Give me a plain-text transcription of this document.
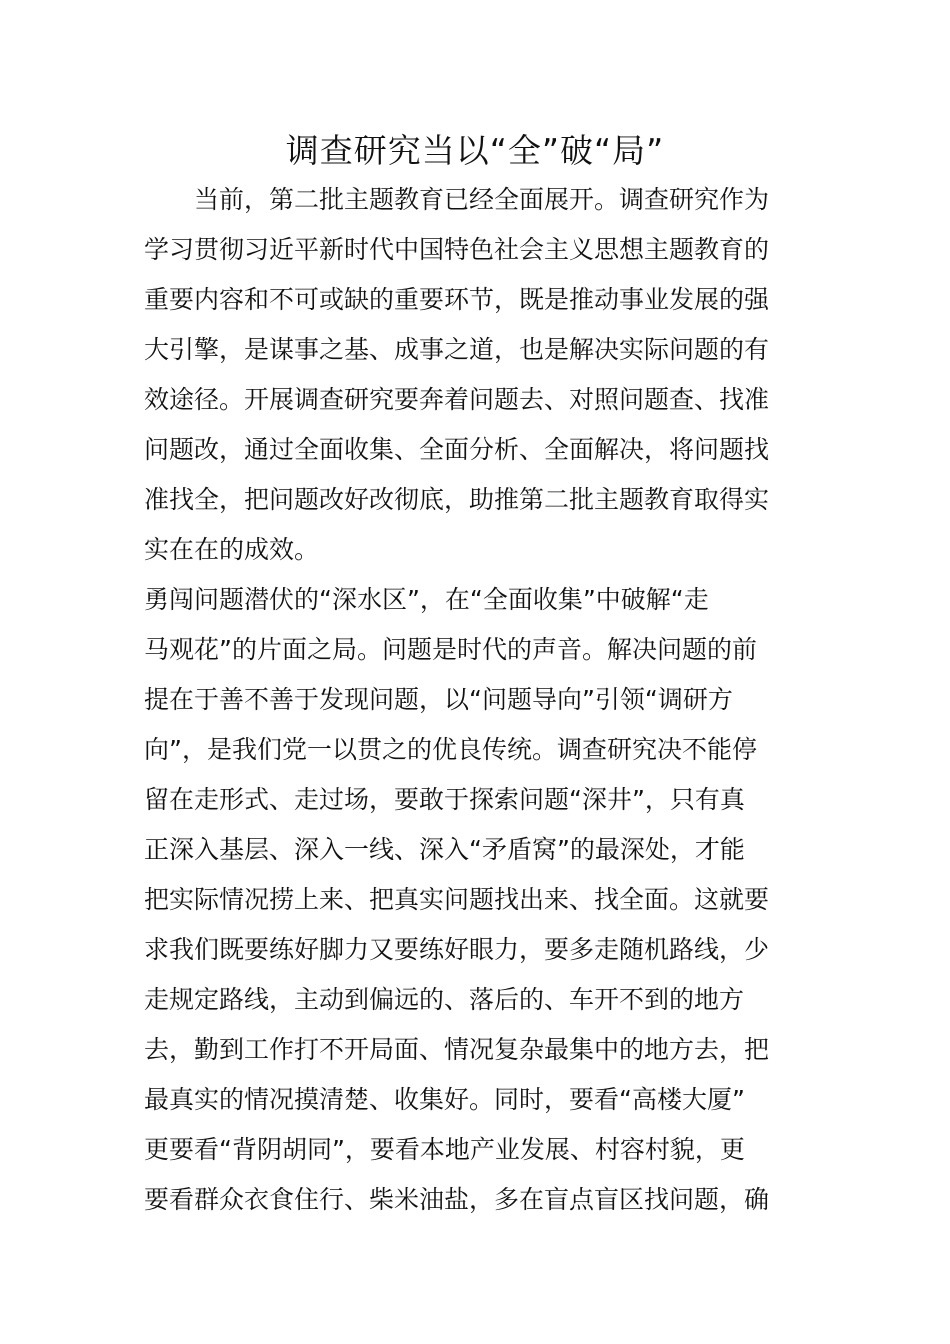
调查研究当以“全”破“局”
　　当前，第二批主题教育已经全面展开。调查研究作为
学习贯彻习近平新时代中国特色社会主义思想主题教育的
重要内容和不可或缺的重要环节，既是推动事业发展的强
大引擎，是谋事之基、成事之道，也是解决实际问题的有
效途径。开展调查研究要奔着问题去、对照问题查、找准
问题改，通过全面收集、全面分析、全面解决，将问题找
准找全，把问题改好改彻底，助推第二批主题教育取得实
实在在的成效。
勇闯问题潜伏的“深水区”，在“全面收集”中破解“走
马观花”的片面之局。问题是时代的声音。解决问题的前
提在于善不善于发现问题，以“问题导向”引领“调研方
向”，是我们党一以贯之的优良传统。调查研究决不能停
留在走形式、走过场，要敢于探索问题“深井”，只有真
正深入基层、深入一线、深入“矛盾窝”的最深处，才能
把实际情况捞上来、把真实问题找出来、找全面。这就要
求我们既要练好脚力又要练好眼力，要多走随机路线，少
走规定路线，主动到偏远的、落后的、车开不到的地方
去，勤到工作打不开局面、情况复杂最集中的地方去，把
最真实的情况摸清楚、收集好。同时，要看“高楼大厦”
更要看“背阴胡同”，要看本地产业发展、村容村貌，更
要看群众衣食住行、柴米油盐，多在盲点盲区找问题，确
